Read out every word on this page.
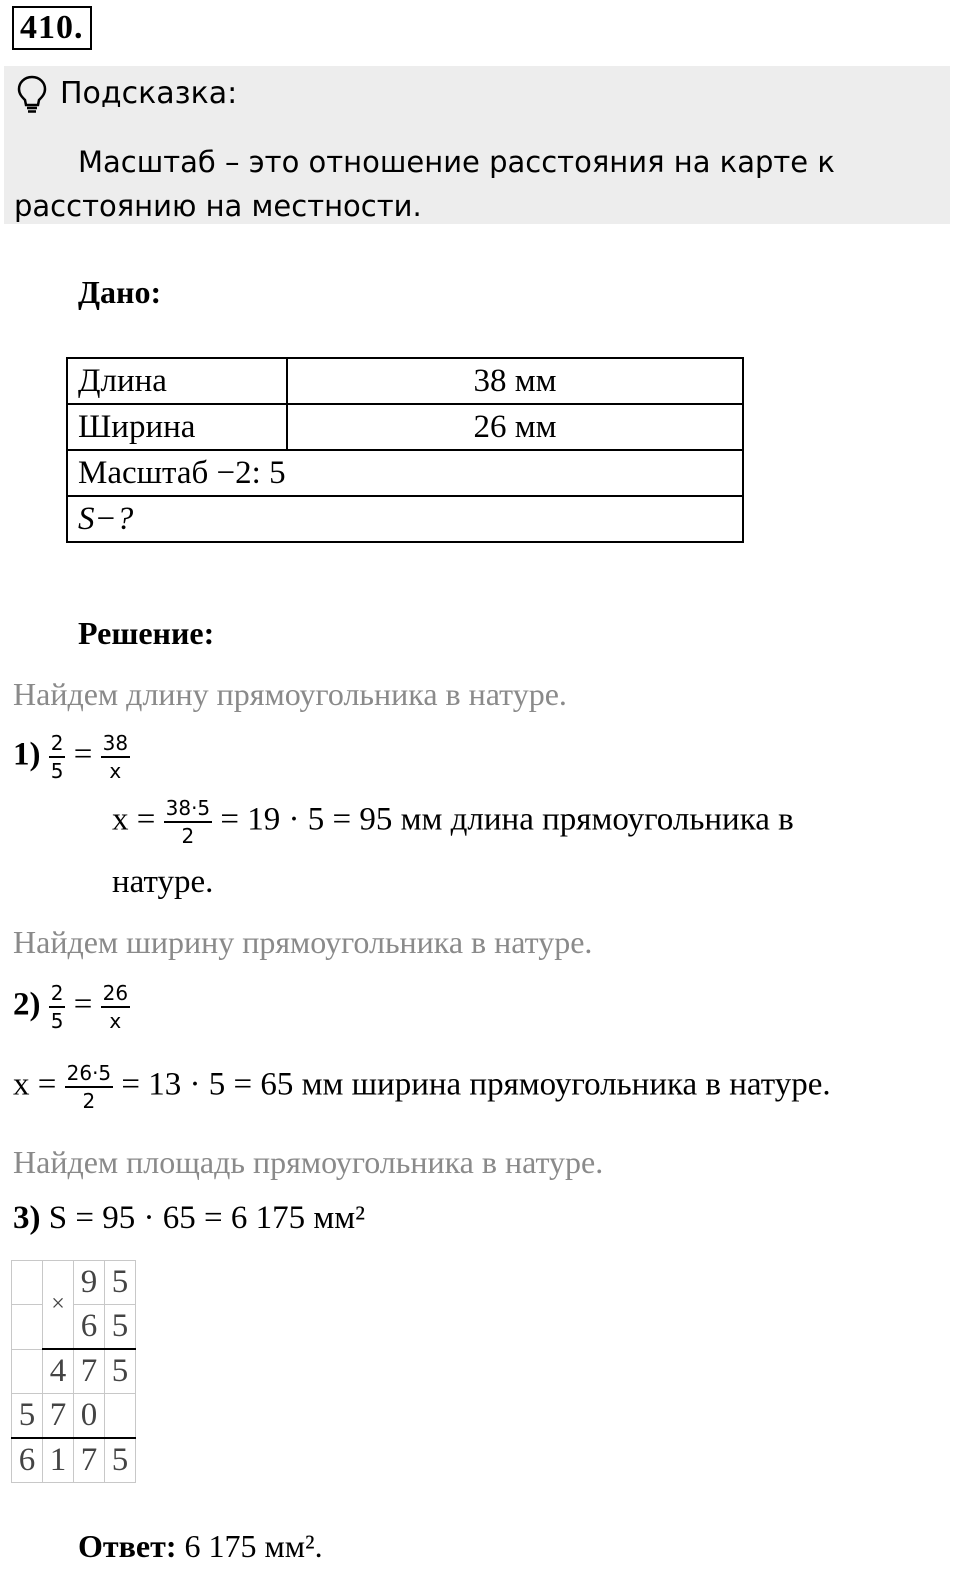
410.
Подсказка:
Масштаб – это отношение расстояния на карте к расстоянию на местности.
Дано:
Длина	38 мм
Ширина	26 мм
Масштаб −2: 5	
S−?	
Решение:
Найдем длину прямоугольника в натуре.
$1) \frac{2}{5} = \frac{38}{x}$
$x = \frac{38\cdot 5}{2} = 19 \cdot 5 = 95$ мм длина прямоугольника в
натуре.
Найдем ширину прямоугольника в натуре.
$2) \frac{2}{5} = \frac{26}{x}$
$x = \frac{26\cdot 5}{2} = 13 \cdot 5 = 65$ мм ширина прямоугольника в натуре.
Найдем площадь прямоугольника в натуре.
3) S = 95 · 65 = 6 175 мм²
	×	9	5
		6	5
	4	7	5
5	7	0	
6	1	7	5
Ответ: 6 175 мм².
